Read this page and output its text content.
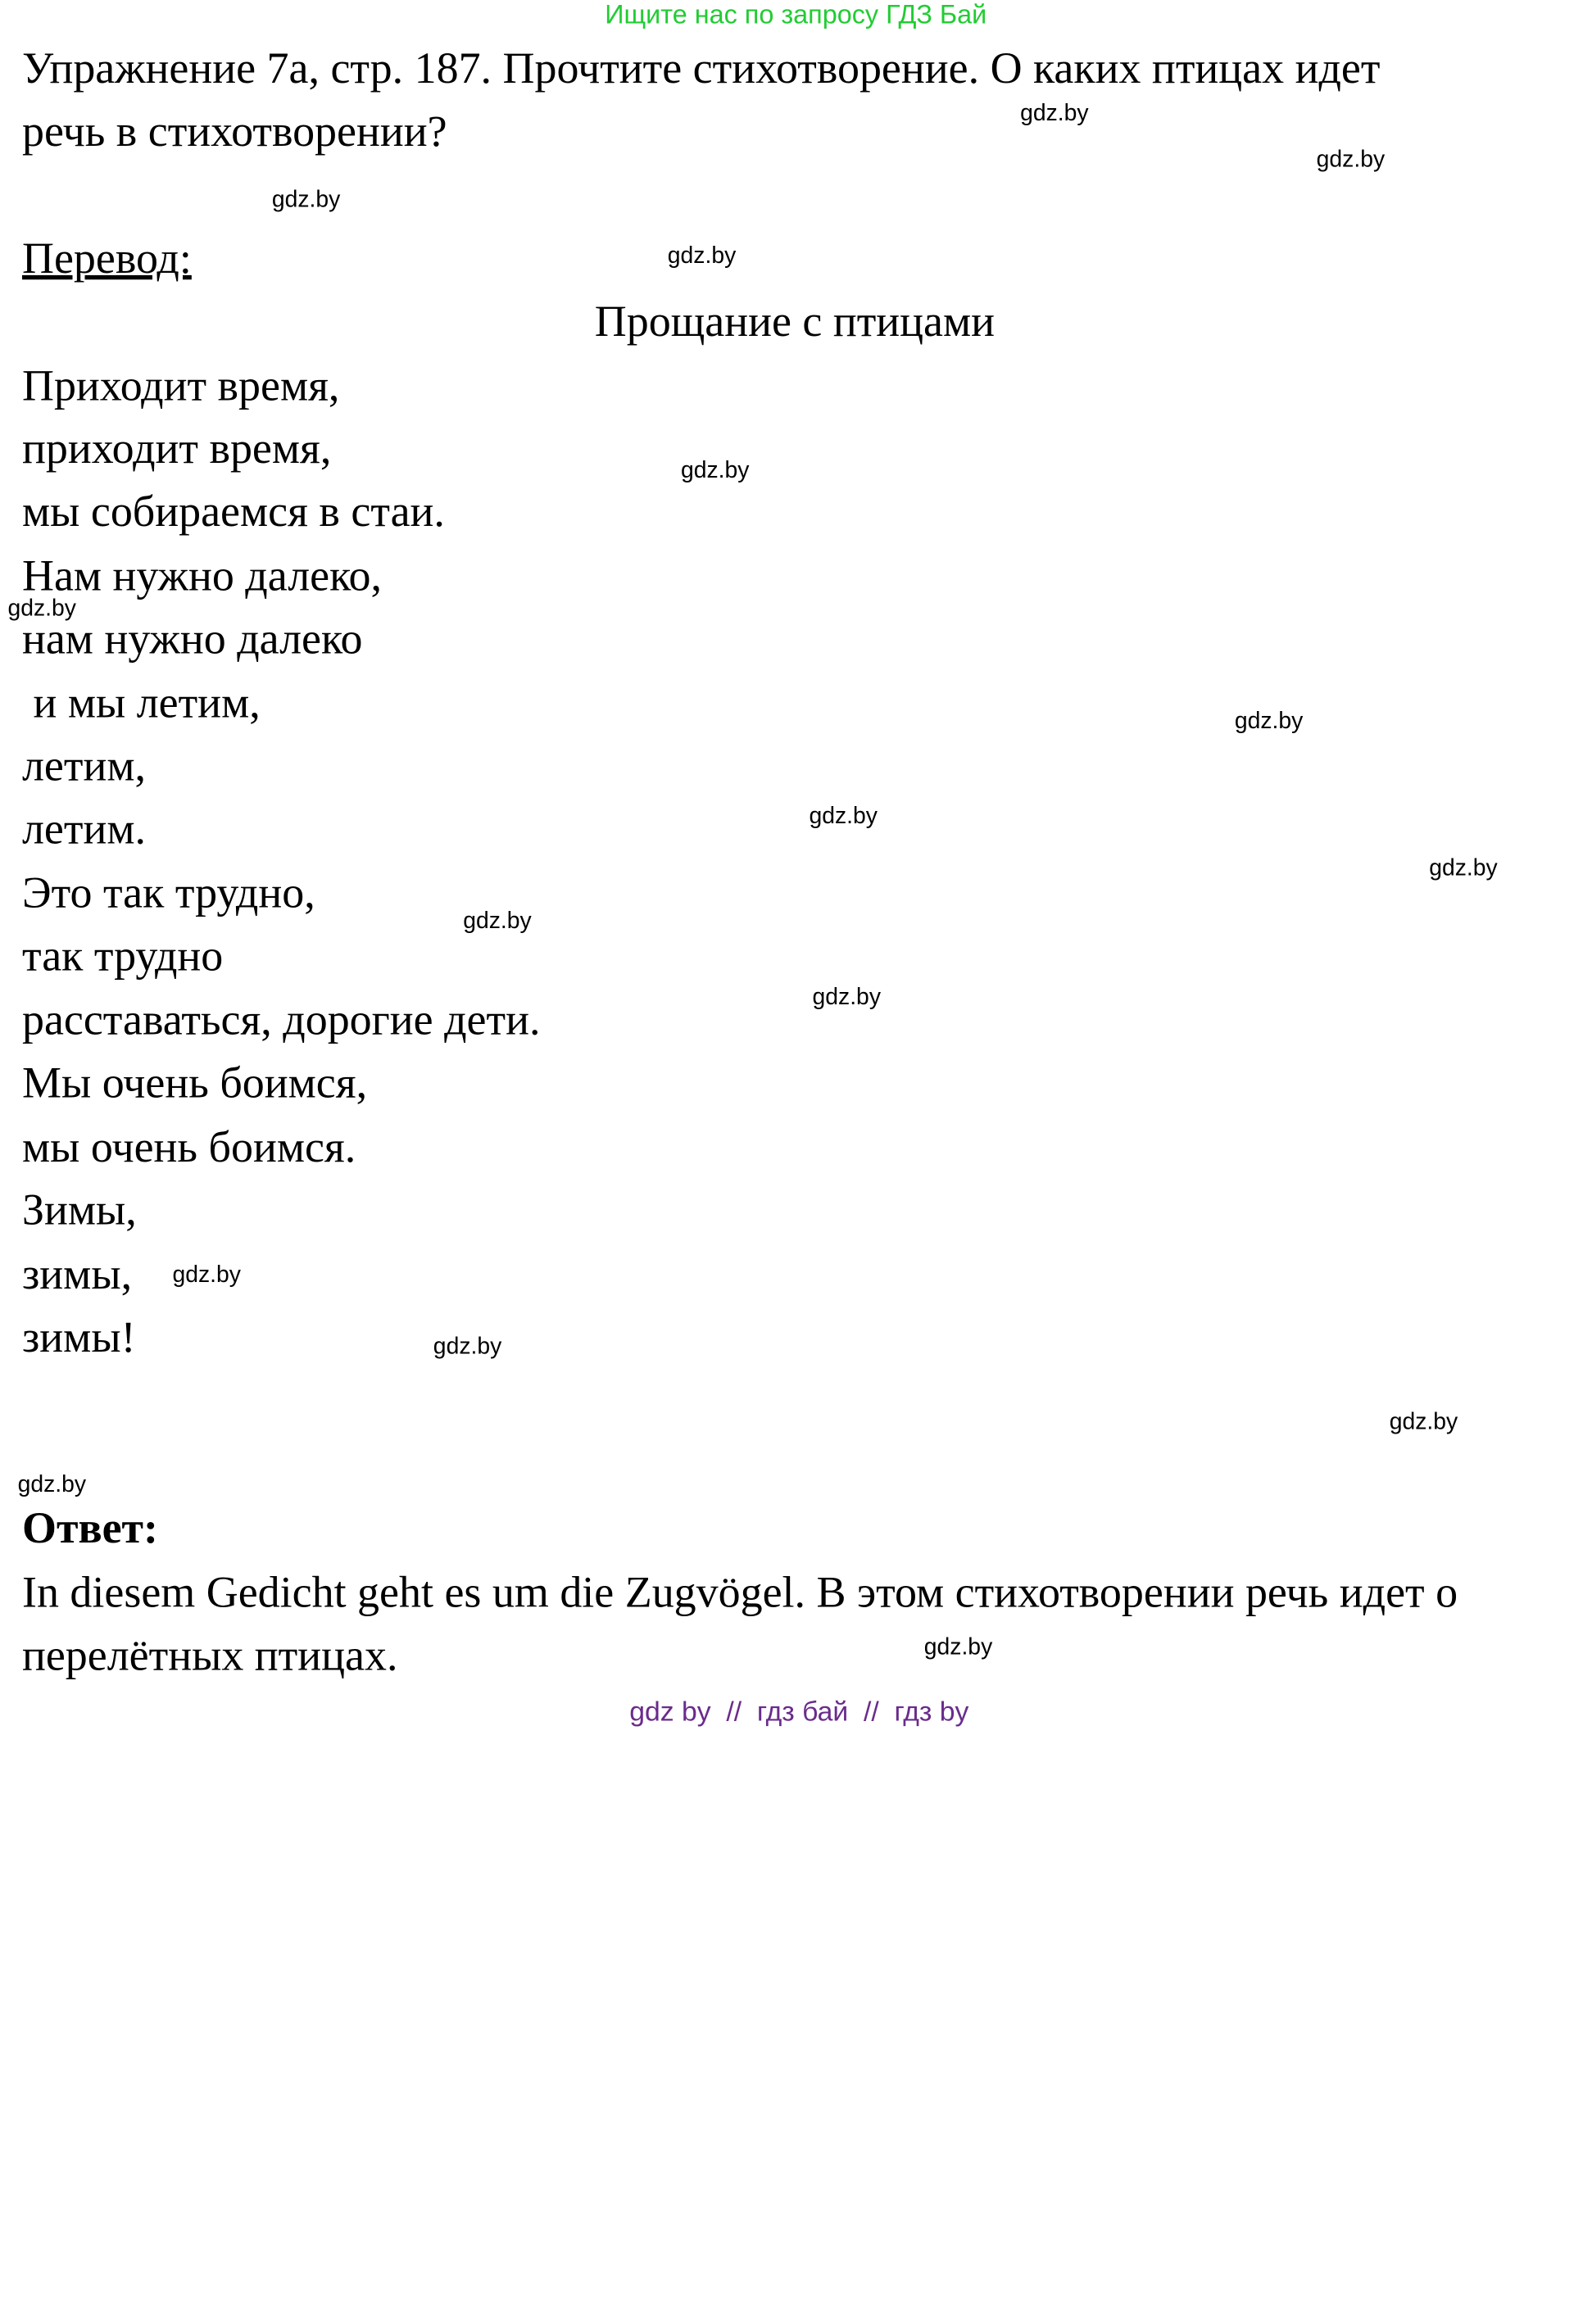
Ищите нас по запросу ГДЗ Бай
Упражнение 7а, стр. 187. Прочтите стихотворение. О каких птицах идет
речь в стихотворении?
Перевод:
Прощание с птицами
Приходит время,
приходит время,
мы собираемся в стаи.
Нам нужно далеко,
нам нужно далеко
и мы летим,
летим,
летим.
Это так трудно,
так трудно
расставаться, дорогие дети.
Мы очень боимся,
мы очень боимся.
Зимы,
зимы,
зимы!
Ответ:
In diesem Gedicht geht es um die Zugvögel. В этом стихотворении речь идет о
перелётных птицах.
gdz.by
gdz.by
gdz.by
gdz.by
gdz.by
gdz.by
gdz.by
gdz.by
gdz.by
gdz.by
gdz.by
gdz.by
gdz.by
gdz.by
gdz.by
gdz.by
gdz by  //  гдз бай  //  гдз by
